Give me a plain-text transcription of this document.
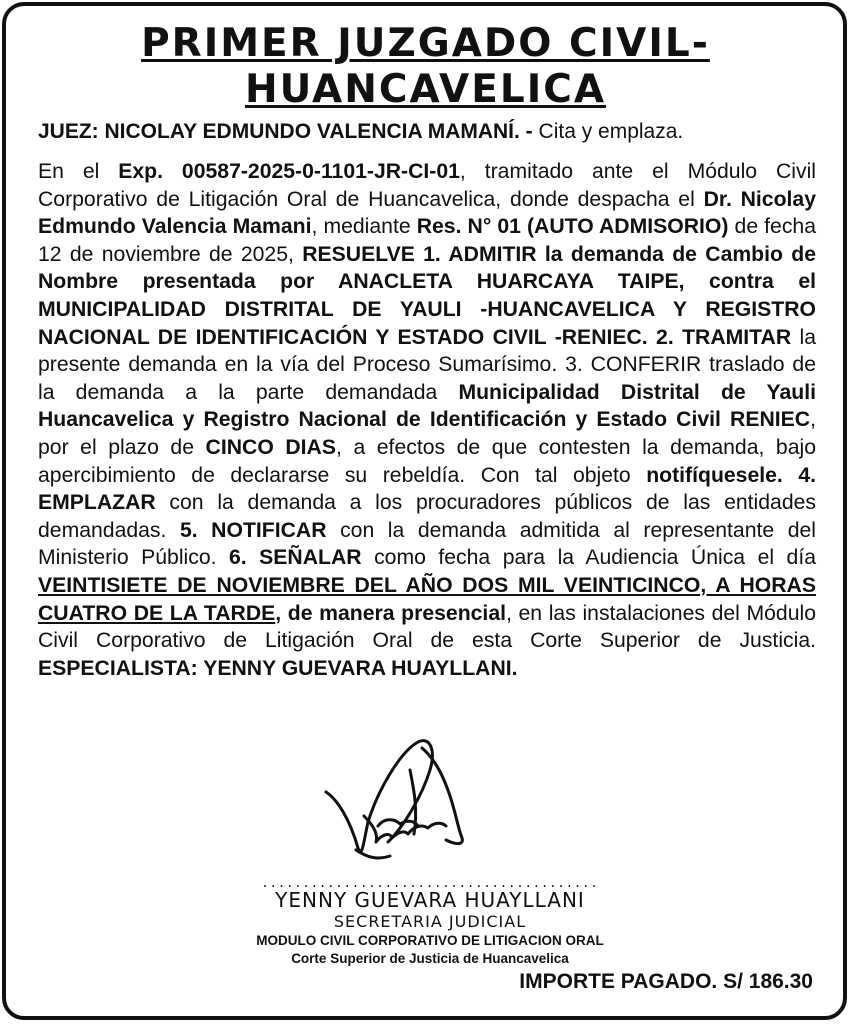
PRIMER JUZGADO CIVIL-
HUANCAVELICA
JUEZ: NICOLAY EDMUNDO VALENCIA MAMANÍ. - Cita y emplaza.
En el Exp. 00587-2025-0-1101-JR-CI-01, tramitado ante el Módulo Civil Corporativo de Litigación Oral de Huancavelica, donde despacha el Dr. Nicolay Edmundo Valencia Mamani, mediante Res. N° 01 (AUTO ADMISORIO) de fecha 12 de noviembre de 2025, RESUELVE 1. ADMITIR la demanda de Cambio de Nombre presentada por ANACLETA HUARCAYA TAIPE, contra el MUNICIPALIDAD DISTRITAL DE YAULI -HUANCAVELICA Y REGISTRO NACIONAL DE IDENTIFICACIÓN Y ESTADO CIVIL -RENIEC. 2. TRAMITAR la presente demanda en la vía del Proceso Sumarísimo. 3. CONFERIR traslado de la demanda a la parte demandada Municipalidad Distrital de Yauli Huancavelica y Registro Nacional de Identificación y Estado Civil RENIEC, por el plazo de CINCO DIAS, a efectos de que contesten la demanda, bajo apercibimiento de declararse su rebeldía. Con tal objeto notifíquesele. 4. EMPLAZAR con la demanda a los procuradores públicos de las entidades demandadas. 5. NOTIFICAR con la demanda admitida al representante del Ministerio Público. 6. SEÑALAR como fecha para la Audiencia Única el día VEINTISIETE DE NOVIEMBRE DEL AÑO DOS MIL VEINTICINCO, A HORAS CUATRO DE LA TARDE, de manera presencial, en las instalaciones del Módulo Civil Corporativo de Litigación Oral de esta Corte Superior de Justicia. ESPECIALISTA: YENNY GUEVARA HUAYLLANI.
.........................................
YENNY GUEVARA HUAYLLANI
SECRETARIA JUDICIAL
MODULO CIVIL CORPORATIVO DE LITIGACION ORAL
Corte Superior de Justicia de Huancavelica
IMPORTE PAGADO. S/ 186.30
